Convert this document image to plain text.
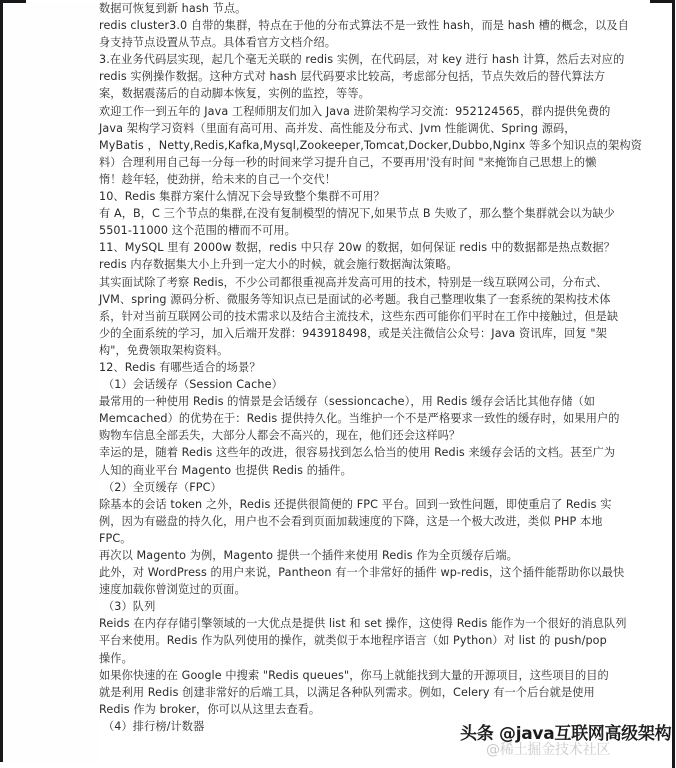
数据可恢复到新 hash 节点。
redis cluster3.0 自带的集群，特点在于他的分布式算法不是一致性 hash，而是 hash 槽的概念，以及自
身支持节点设置从节点。具体看官方文档介绍。
3.在业务代码层实现，起几个毫无关联的 redis 实例，在代码层，对 key 进行 hash 计算，然后去对应的
redis 实例操作数据。这种方式对 hash 层代码要求比较高，考虑部分包括，节点失效后的替代算法方
案，数据震荡后的自动脚本恢复，实例的监控，等等。
欢迎工作一到五年的 Java 工程师朋友们加入 Java 进阶架构学习交流：952124565，群内提供免费的
Java 架构学习资料（里面有高可用、高并发、高性能及分布式、Jvm 性能调优、Spring 源码，
MyBatis ，Netty,Redis,Kafka,Mysql,Zookeeper,Tomcat,Docker,Dubbo,Nginx 等多个知识点的架构资
料）合理利用自己每一分每一秒的时间来学习提升自己，不要再用'没有时间 "来掩饰自己思想上的懒
惰！趁年轻，使劲拼，给未来的自己一个交代！
10、Redis 集群方案什么情况下会导致整个集群不可用？
有 A，B，C 三个节点的集群,在没有复制模型的情况下,如果节点 B 失败了，那么整个集群就会以为缺少
5501-11000 这个范围的槽而不可用。
11、MySQL 里有 2000w 数据，redis 中只存 20w 的数据，如何保证 redis 中的数据都是热点数据？
redis 内存数据集大小上升到一定大小的时候，就会施行数据淘汰策略。
其实面试除了考察 Redis，不少公司都很重视高并发高可用的技术，特别是一线互联网公司，分布式、
JVM、spring 源码分析、微服务等知识点已是面试的必考题。我自己整理收集了一套系统的架构技术体
系，针对当前互联网公司的技术需求以及结合主流技术，这些东西可能你们平时在工作中接触过，但是缺
少的全面系统的学习，加入后端开发群：943918498，或是关注微信公众号：Java 资讯库，回复 "架
构"，免费领取架构资料。
12、Redis 有哪些适合的场景？
（1）会话缓存（Session Cache）
最常用的一种使用 Redis 的情景是会话缓存（sessioncache），用 Redis 缓存会话比其他存储（如
Memcached）的优势在于：Redis 提供持久化。当维护一个不是严格要求一致性的缓存时，如果用户的
购物车信息全部丢失，大部分人都会不高兴的，现在，他们还会这样吗？
幸运的是，随着 Redis 这些年的改进，很容易找到怎么恰当的使用 Redis 来缓存会话的文档。甚至广为
人知的商业平台 Magento 也提供 Redis 的插件。
（2）全页缓存（FPC）
除基本的会话 token 之外，Redis 还提供很简便的 FPC 平台。回到一致性问题，即使重启了 Redis 实
例，因为有磁盘的持久化，用户也不会看到页面加载速度的下降，这是一个极大改进，类似 PHP 本地
FPC。
再次以 Magento 为例，Magento 提供一个插件来使用 Redis 作为全页缓存后端。
此外，对 WordPress 的用户来说，Pantheon 有一个非常好的插件 wp-redis，这个插件能帮助你以最快
速度加载你曾浏览过的页面。
（3）队列
Reids 在内存存储引擎领域的一大优点是提供 list 和 set 操作，这使得 Redis 能作为一个很好的消息队列
平台来使用。Redis 作为队列使用的操作，就类似于本地程序语言（如 Python）对 list 的 push/pop
操作。
如果你快速的在 Google 中搜索 "Redis queues"，你马上就能找到大量的开源项目，这些项目的目的
就是利用 Redis 创建非常好的后端工具，以满足各种队列需求。例如，Celery 有一个后台就是使用
Redis 作为 broker，你可以从这里去查看。
（4）排行榜/计数器	头条 @java互联网高级架构
@稀土掘金技术社区
